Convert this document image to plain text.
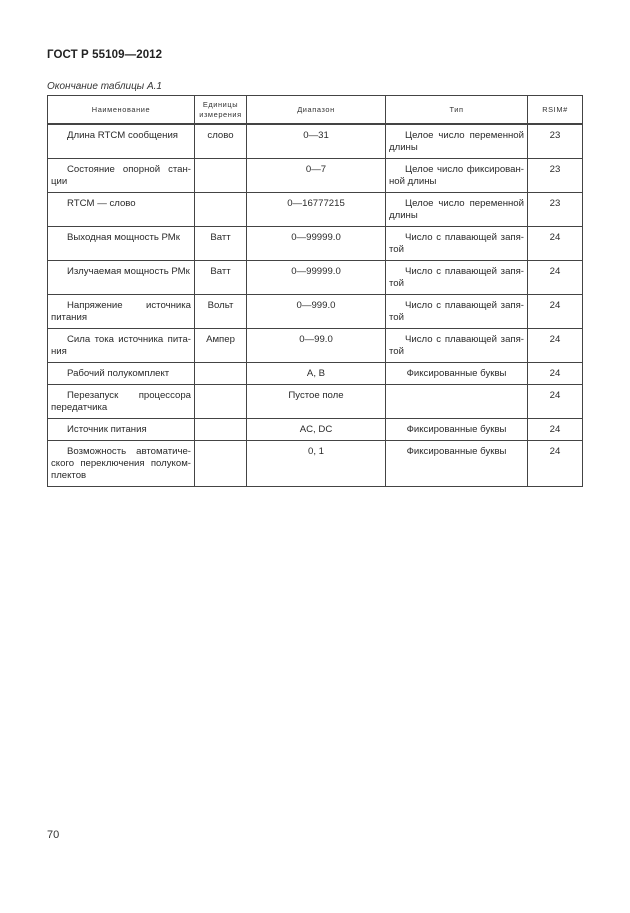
ГОСТ Р 55109—2012
Окончание таблицы А.1
Наименование	Единицы измерения	Диапазон	Тип	RSIM#
Длина RTCM сообщения	слово	0—31	Целое число переменной длины	23
Состояние опорной стан-ции		0—7	Целое число фиксирован-ной длины	23
RTCM — слово		0—16777215	Целое число переменной длины	23
Выходная мощность РМк	Ватт	0—99999.0	Число с плавающей запя-той	24
Излучаемая мощность РМк	Ватт	0—99999.0	Число с плавающей запя-той	24
Напряжение источника питания	Вольт	0—999.0	Число с плавающей запя-той	24
Сила тока источника пита-ния	Ампер	0—99.0	Число с плавающей запя-той	24
Рабочий полукомплект		А, В	Фиксированные буквы	24
Перезапуск процессора передатчика		Пустое поле		24
Источник питания		AC, DC	Фиксированные буквы	24
Возможность автоматиче-ского переключения полуком-плектов		0, 1	Фиксированные буквы	24
70
